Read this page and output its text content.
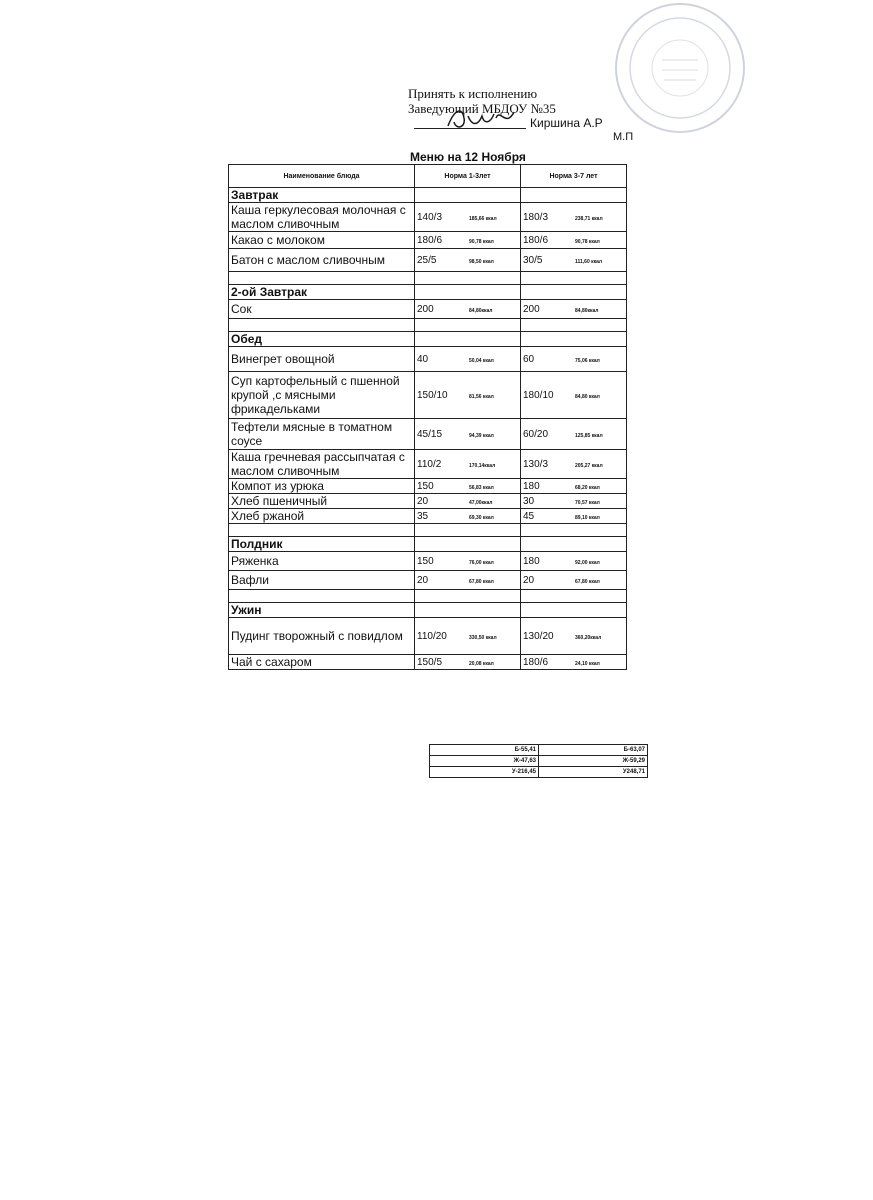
Принять к исполнению
Заведующий МБДОУ №35
Киршина А.Р
М.П
Меню на 12 Ноября
Наименование блюда	Норма 1-3лет	Норма 3-7 лет
Завтрак		
Каша геркулесовая молочная с маслом сливочным	140/3 185,66 ккал	180/3 238,71 ккал
Какао с молоком	180/6 90,78 ккал	180/6 90,78 ккал
Батон с маслом сливочным	25/5 98,50 ккал	30/5 111,60 ккал

2-ой Завтрак		
Сок	200 84,80ккал	200 84,80ккал

Обед		
Винегрет овощной	40 50,04 ккал	60 75,06 ккал
Суп картофельный с пшенной крупой ,с мясными фрикадельками	150/10 81,56 ккал	180/10 84,80 ккал
Тефтели мясные в томатном соусе	45/15 94,39 ккал	60/20 125,85 ккал
Каша гречневая рассыпчатая с маслом сливочным	110/2 170,14ккал	130/3 205,27 ккал
Компот из урюка	150 56,83 ккал	180 68,20 ккал
Хлеб пшеничный	20 47,00ккал	30 70,57 ккал
Хлеб ржаной	35 69,30 ккал	45 89,10 ккал

Полдник		
Ряженка	150 76,00 ккал	180 92,00 ккал
Вафли	20 67,80 ккал	20 67,80 ккал

Ужин		
Пудинг творожный с повидлом	110/20 330,50 ккал	130/20 360,20ккал
Чай с сахаром	150/5 20,08 ккал	180/6 24,10 ккал
Б-55,41	Б-63,07
Ж-47,63	Ж-59,29
У-216,45	У248,71
